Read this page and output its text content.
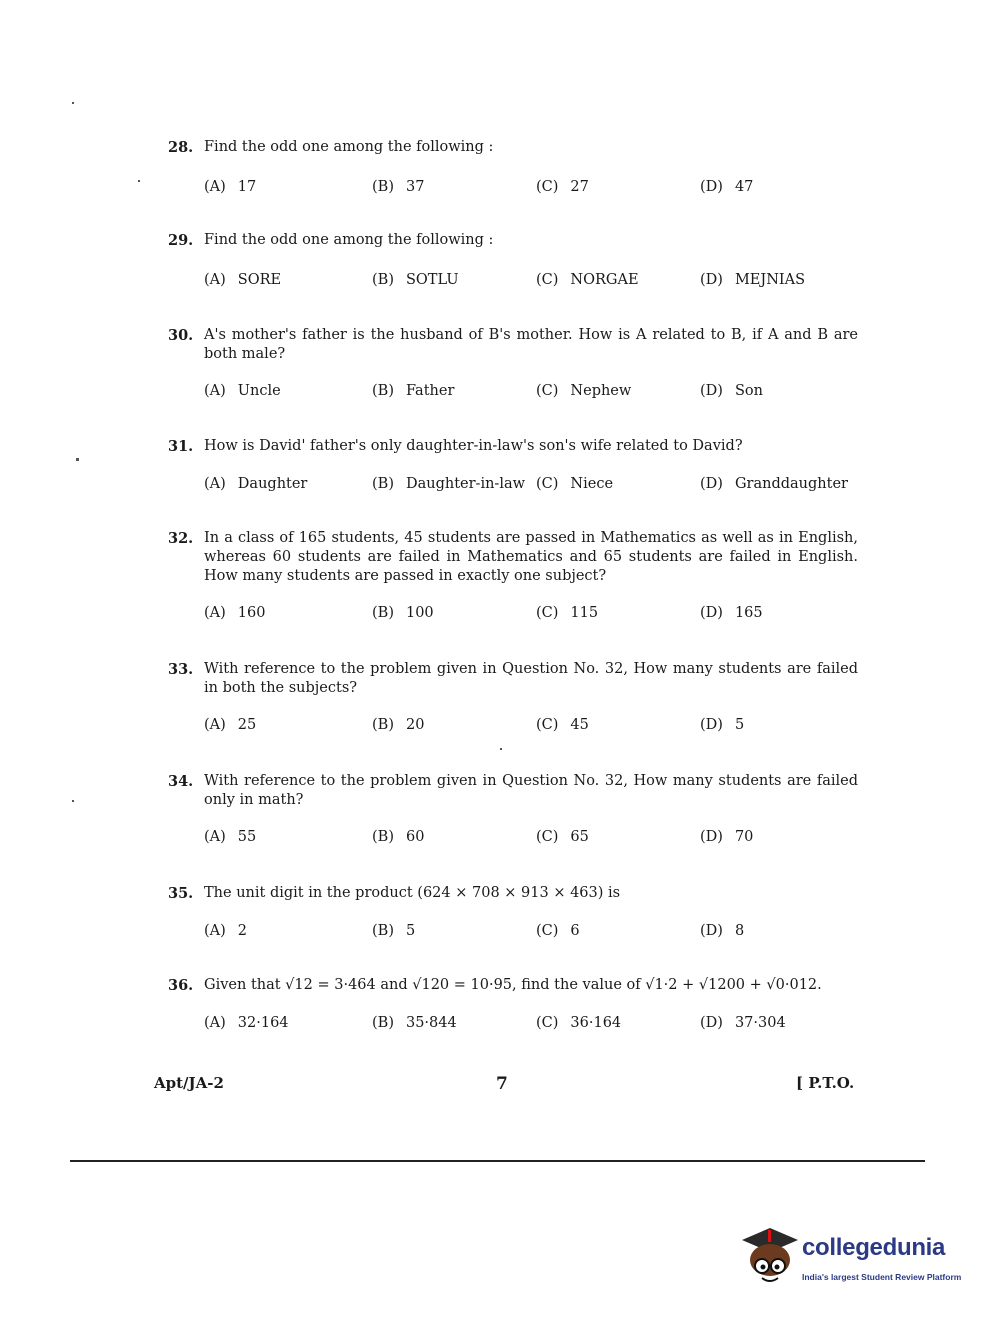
28. Find the odd one among the following :
(A) 17	(B) 37	(C) 27	(D) 47
29. Find the odd one among the following :
(A) SORE	(B) SOTLU	(C) NORGAE	(D) MEJNIAS
30. A's mother's father is the husband of B's mother. How is A related to B, if A and B are both male?
(A) Uncle	(B) Father	(C) Nephew	(D) Son
31. How is David' father's only daughter-in-law's son's wife related to David?
(A) Daughter	(B) Daughter-in-law (C) Niece	(D) Granddaughter
32. In a class of 165 students, 45 students are passed in Mathematics as well as in English, whereas 60 students are failed in Mathematics and 65 students are failed in English. How many students are passed in exactly one subject?
(A) 160	(B) 100	(C) 115	(D) 165
33. With reference to the problem given in Question No. 32, How many students are failed in both the subjects?
(A) 25	(B) 20	(C) 45	(D) 5
34. With reference to the problem given in Question No. 32, How many students are failed only in math?
(A) 55	(B) 60	(C) 65	(D) 70
35. The unit digit in the product (624 × 708 × 913 × 463) is
(A) 2	(B) 5	(C) 6	(D) 8
36. Given that √12 = 3·464 and √120 = 10·95, find the value of √1·2 + √1200 + √0·012.
(A) 32·164	(B) 35·844	(C) 36·164	(D) 37·304
Apt/JA-2	7	[ P.T.O.
collegedunia
India's largest Student Review Platform
